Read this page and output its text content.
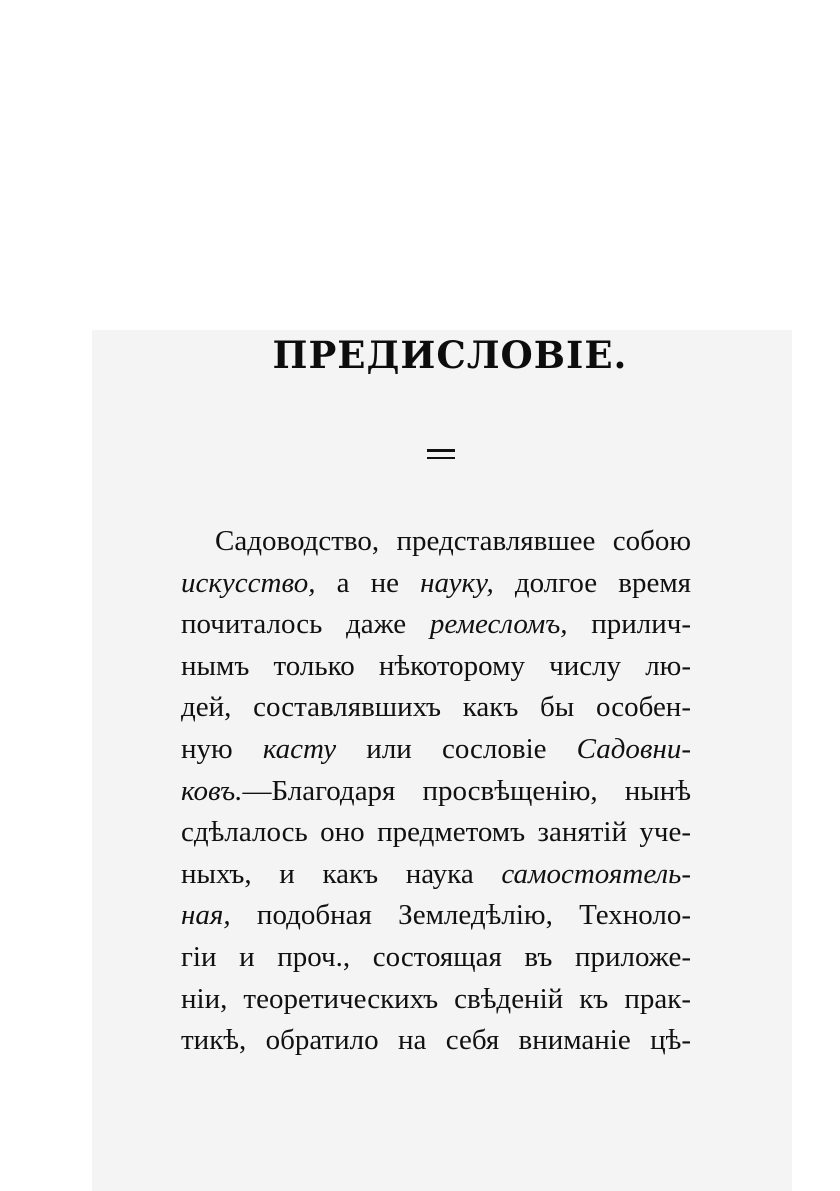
ПРЕДИСЛОВІЕ.
Садоводство, представлявшее собою
искусство, а не науку, долгое время
почиталось даже ремесломъ, прилич-
нымъ только нѣкоторому числу лю-
дей, составлявшихъ какъ бы особен-
ную касту или сословіе Садовни-
ковъ.—Благодаря просвѣщенію, нынѣ
сдѣлалось оно предметомъ занятій уче-
ныхъ, и какъ наука самостоятель-
ная, подобная Земледѣлію, Техноло-
гіи и проч., состоящая въ приложе-
ніи, теоретическихъ свѣденій къ прак-
тикѣ, обратило на себя вниманіе цѣ-
